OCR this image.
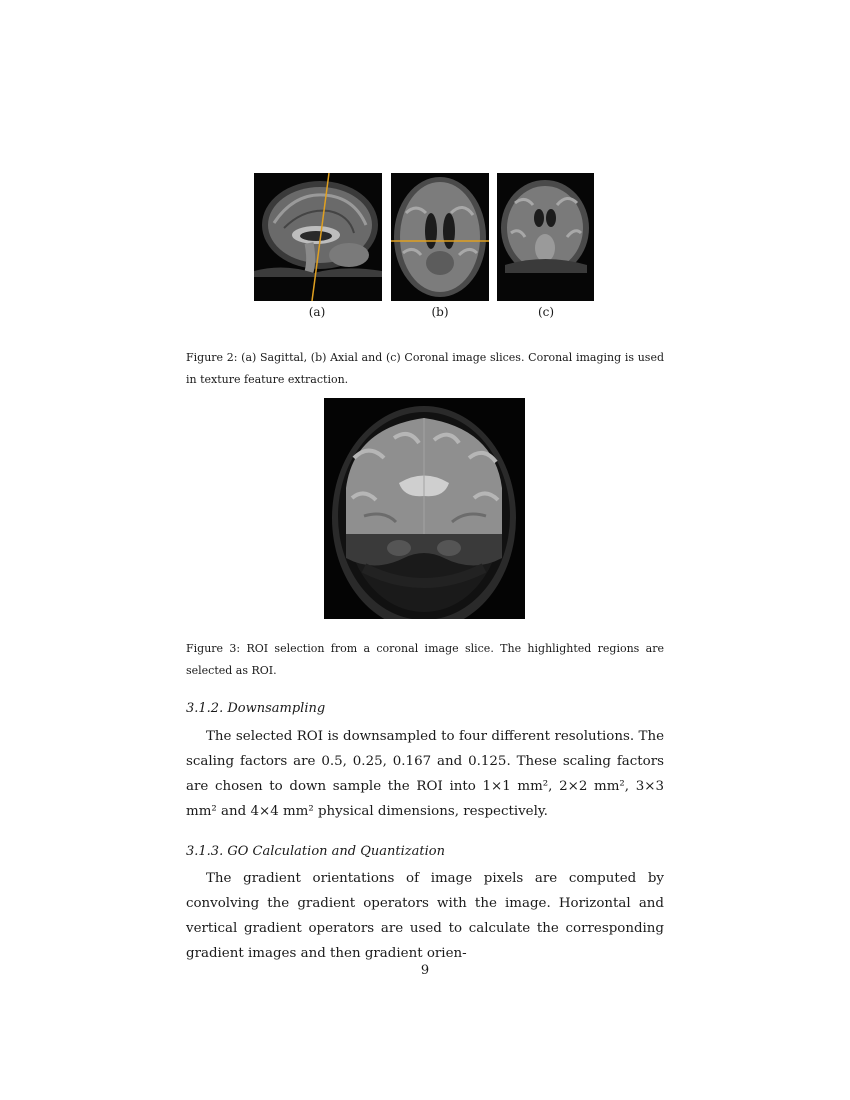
(a)	(b)	(c)
Figure 2: (a) Sagittal, (b) Axial and (c) Coronal image slices. Coronal imaging is used in texture feature extraction.
Figure 3: ROI selection from a coronal image slice. The highlighted regions are selected as ROI.
3.1.2. Downsampling
The selected ROI is downsampled to four different resolutions. The scaling factors are 0.5, 0.25, 0.167 and 0.125. These scaling factors are chosen to down sample the ROI into 1×1 mm², 2×2 mm², 3×3 mm² and 4×4 mm² physical dimensions, respectively.
3.1.3. GO Calculation and Quantization
The gradient orientations of image pixels are computed by convolving the gradient operators with the image. Horizontal and vertical gradient operators are used to calculate the corresponding gradient images and then gradient orien-
9
